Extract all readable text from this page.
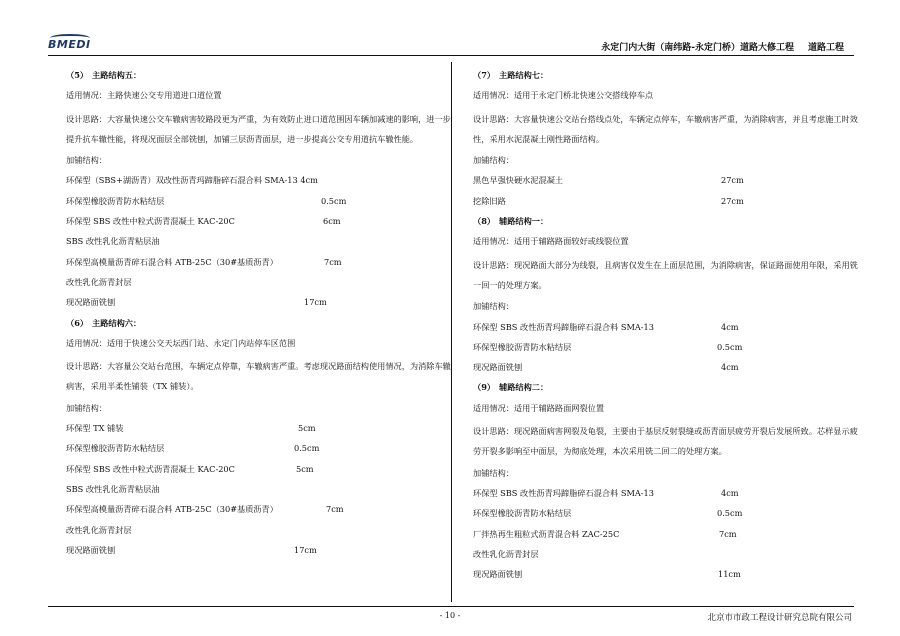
BMEDI	永定门内大街（南纬路-永定门桥）道路大修工程 道路工程
（5） 主路结构五：
适用情况：主路快速公交专用道进口道位置
设计思路：大容量快速公交车辙病害较路段更为严重，为有效防止进口道范围因车辆加减速的影响，进一步提升抗车辙性能，将现况面层全部铣刨，加铺三层沥青面层，进一步提高公交专用道抗车辙性能。
加铺结构：
环保型（SBS+湖沥青）双改性沥青玛蹄脂碎石混合料 SMA-13 4cm
环保型橡胶沥青防水粘结层	0.5cm
环保型 SBS 改性中粒式沥青混凝土 KAC-20C	6cm
SBS 改性乳化沥青粘层油
环保型高模量沥青碎石混合料 ATB-25C（30#基质沥青）	7cm
改性乳化沥青封层
现况路面铣刨	17cm
（6） 主路结构六：
适用情况：适用于快速公交天坛西门站、永定门内站停车区范围
设计思路：大容量公交站台范围，车辆定点停靠，车辙病害严重。考虑现况路面结构使用情况，为消除车辙病害，采用半柔性铺装（TX 铺装）。
加铺结构：
环保型 TX 铺装	5cm
环保型橡胶沥青防水粘结层	0.5cm
环保型 SBS 改性中粒式沥青混凝土 KAC-20C	5cm
SBS 改性乳化沥青粘层油
环保型高模量沥青碎石混合料 ATB-25C（30#基质沥青）	7cm
改性乳化沥青封层
现况路面铣刨	17cm
（7） 主路结构七：
适用情况：适用于永定门桥北快速公交搭线停车点
设计思路：大容量快速公交站台搭线点处，车辆定点停车，车辙病害严重，为消除病害，并且考虑施工时效性，采用水泥混凝土刚性路面结构。
加铺结构：
黑色早强快硬水泥混凝土	27cm
挖除旧路	27cm
（8） 辅路结构一：
适用情况：适用于辅路路面较好或线裂位置
设计思路：现况路面大部分为线裂，且病害仅发生在上面层范围，为消除病害，保证路面使用年限，采用铣一回一的处理方案。
加铺结构：
环保型 SBS 改性沥青玛蹄脂碎石混合料 SMA-13	4cm
环保型橡胶沥青防水粘结层	0.5cm
现况路面铣刨	4cm
（9） 辅路结构二：
适用情况：适用于辅路路面网裂位置
设计思路：现况路面病害网裂及龟裂，主要由于基层反射裂缝或沥青面层疲劳开裂后发展所致。芯样显示疲劳开裂多影响至中面层，为彻底处理，本次采用铣二回二的处理方案。
加铺结构：
环保型 SBS 改性沥青玛蹄脂碎石混合料 SMA-13	4cm
环保型橡胶沥青防水粘结层	0.5cm
厂拌热再生粗粒式沥青混合料 ZAC-25C	7cm
改性乳化沥青封层
现况路面铣刨	11cm
- 10 -	北京市市政工程设计研究总院有限公司
